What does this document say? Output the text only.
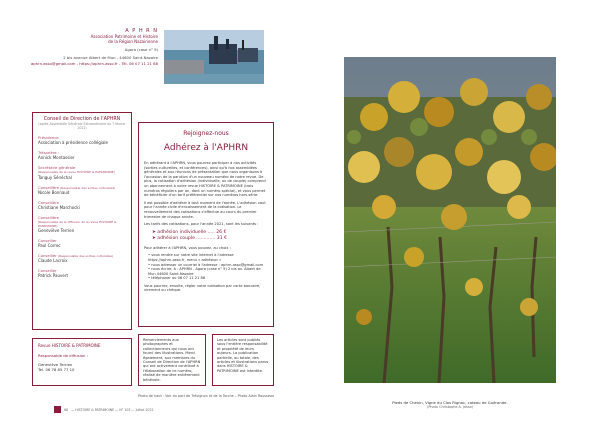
A P H R N
Association Patrimoine et Histoire
de la Région Nazairienne
Agora (case n° 9)
2 bis avenue Albert de Mun - 44600 Saint-Nazaire
aphrn.asso@gmail.com - https://aphrn.asso.fr - Tél. 06 07 11 21 88
Conseil de Direction de l'APHRN
(après Assemblée Générale Extraordinaire du 7 février 2022)
Présidence
Association à présidence collégiale
Trésorière :
Annick Montassier
Secrétaire générale
(Responsable de la revue HISTOIRE & PATRIMOINE)
Tanguy Sénéchal
Conseillère (Responsable des sorties culturelles)
Nicole Bonnaud
Conseillère
Christiane Marchocki
Conseillère
(Responsable de la diffusion de la revue HISTOIRE & PATRIMOINE)
Geneviève Terrien
Conseiller
Paul Correc
Conseiller (Responsable des sorties culturelles)
Claude Lacroix
Conseiller
Patrick Pauvert
Rejoignez-nous
Adhérez à l'APHRN

En adhérant à l'APHRN, vous pourrez participer à nos activités (sorties culturelles, et conférences), ainsi qu'à nos assemblées générales et aux réunions de présentation que nous organisons à l'occasion de la parution d'un nouveau numéro de notre revue. De plus, la cotisation d'adhésion (individuelle, ou de couple) comprend un abonnement à notre revue HISTOIRE & PATRIMOINE (trois numéros réguliers par an, dont un numéro spécial), et vous permet de bénéficier d'un tarif préférentiel sur nos numéros hors-série.

Il est possible d'adhérer à tout moment de l'année. L'adhésion vaut pour l'année civile d'encaissement de la cotisation. Le renouvellement des cotisations s'effectue au cours du premier trimestre de chaque année.

Les tarifs des cotisations, pour l'année 2021, sont les suivants :

➤ adhésion individuelle ..... 26 €
➤ adhésion couple ............. 31 €

Pour adhérer à l'APHRN, vous pouvez, au choix :

• vous rendre sur notre site internet à l'adresse https://aphrn.asso.fr, menu « adhésion »
• nous adresser un courriel à l'adresse : aphrn.asso@gmail.com
• nous écrire, à : APHRN - Agora (case n° 9) 2 bis av. Albert de Mun 44600 Saint-Nazaire
• téléphoner au 06 07 11 21 88

Vous pourrez, ensuite, régler votre cotisation par carte bancaire, virement ou chèque.

Revue HISTOIRE & PATRIMOINE
Responsable de diffusion :
Geneviève Terrien
Tel. 06 78 85 77 10

Remerciements aux photographes et collectionneurs qui nous ont fourni des illustrations. Merci également, aux membres du Conseil de Direction de l'APHRN qui ont activement contribué à l'élaboration de ce numéro, réalisé de manière entièrement bénévole.

Les articles sont publiés sous l'entière responsabilité et propriété de leurs auteurs. La publication partielle, ou totale, des articles et illustrations parus dans HISTOIRE & PATRIMOINE est interdite.

Photo de haut : Voir du port de Trévignon et de la Torche – Photo Alain Rousseau
68 — HISTOIRE & PATRIMOINE — N° 103 — juillet 2022
Pieds de Chenin, Vigne du Clos Rignac, coteau de Guérande.
(Photo Christophe A. Josso)
